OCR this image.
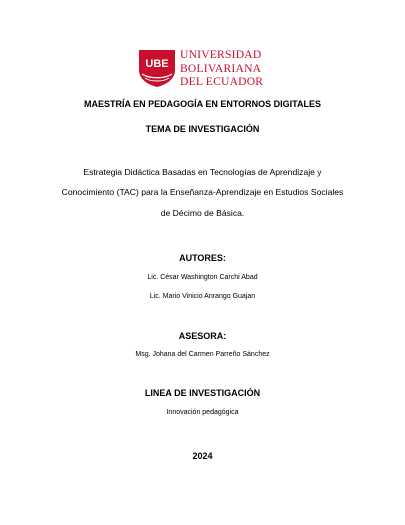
UBE
UNIVERSIDAD
BOLIVARIANA
DEL ECUADOR
MAESTRÍA EN PEDAGOGÍA EN ENTORNOS DIGITALES
TEMA DE INVESTIGACIÓN
Estrategia Didáctica Basadas en Tecnologías de Aprendizaje y
Conocimiento (TAC) para la Enseñanza-Aprendizaje en Estudios Sociales
de Décimo de Básica.
AUTORES:
Lic. César Washington Carchi Abad
Lic. Mario Vinicio Anrango Guajan
ASESORA:
Msg. Johana del Carmen Parreño Sánchez
LINEA DE INVESTIGACIÓN
Innovación pedagógica
2024
